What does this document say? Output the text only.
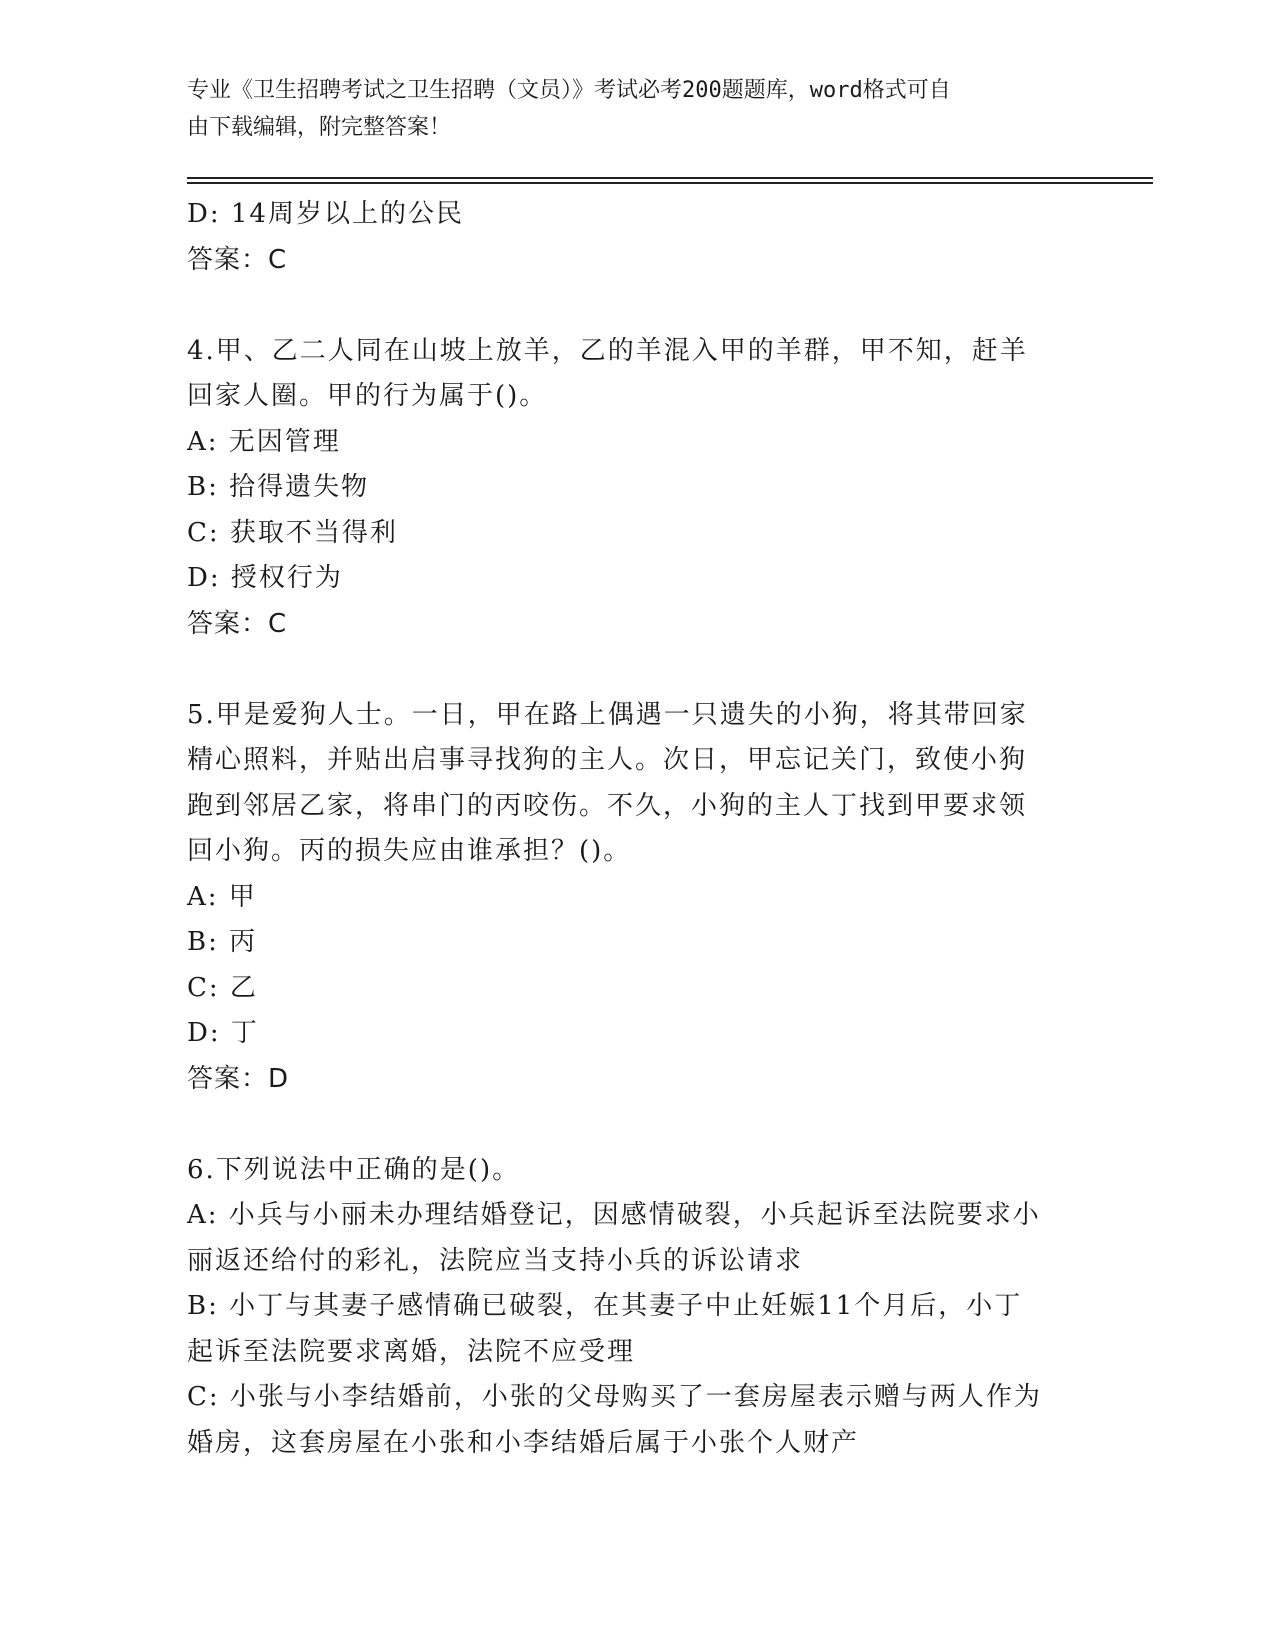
专业《卫生招聘考试之卫生招聘（文员）》考试必考200题题库，word格式可自
由下载编辑，附完整答案！
D: 14周岁以上的公民
答案：C
4.甲、乙二人同在山坡上放羊，乙的羊混入甲的羊群，甲不知，赶羊
回家人圈。甲的行为属于()。
A: 无因管理
B: 拾得遗失物
C: 获取不当得利
D: 授权行为
答案：C
5.甲是爱狗人士。一日，甲在路上偶遇一只遗失的小狗，将其带回家
精心照料，并贴出启事寻找狗的主人。次日，甲忘记关门，致使小狗
跑到邻居乙家，将串门的丙咬伤。不久，小狗的主人丁找到甲要求领
回小狗。丙的损失应由谁承担？()。
A: 甲
B: 丙
C: 乙
D: 丁
答案：D
6.下列说法中正确的是()。
A: 小兵与小丽未办理结婚登记，因感情破裂，小兵起诉至法院要求小
丽返还给付的彩礼，法院应当支持小兵的诉讼请求
B: 小丁与其妻子感情确已破裂，在其妻子中止妊娠11个月后，小丁
起诉至法院要求离婚，法院不应受理
C: 小张与小李结婚前，小张的父母购买了一套房屋表示赠与两人作为
婚房，这套房屋在小张和小李结婚后属于小张个人财产
